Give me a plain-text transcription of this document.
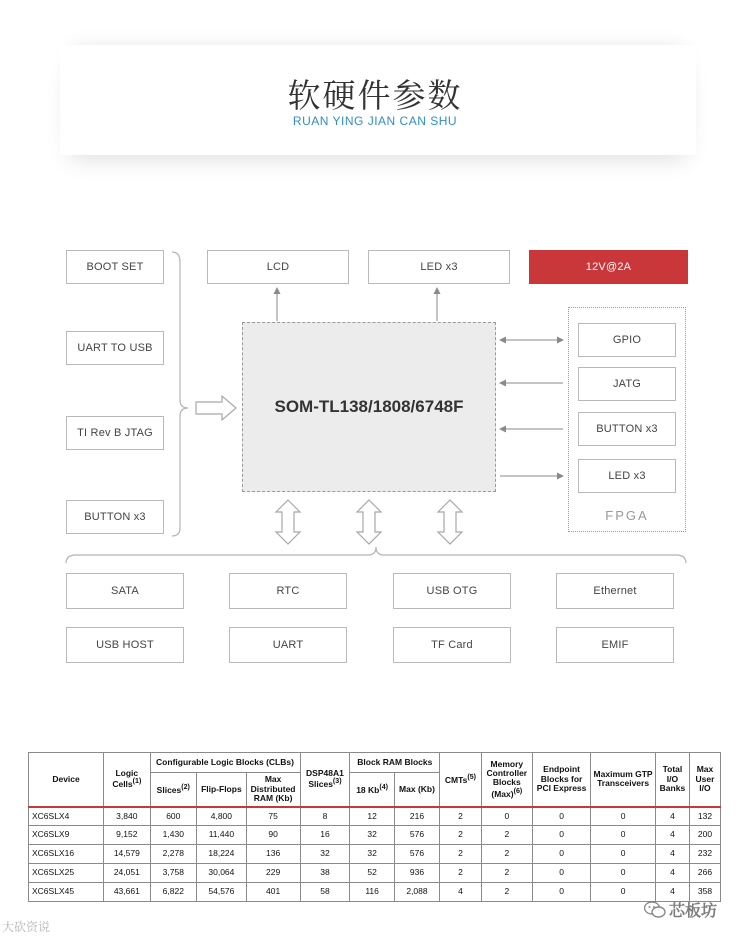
软硬件参数
RUAN YING JIAN CAN SHU
BOOT SET
UART TO USB
TI Rev B JTAG
BUTTON x3
LCD	LED x3	12V@2A
SOM-TL138/1808/6748F
GPIO
JATG
BUTTON x3
LED x3
FPGA
SATA	RTC	USB OTG	Ethernet
USB HOST	UART	TF Card	EMIF
Device	Logic Cells$^{(1)}$	Configurable Logic Blocks (CLBs)			DSP48A1 Slices$^{(3)}$	Block RAM Blocks		CMTs$^{(5)}$	Memory Controller Blocks (Max)$^{(6)}$	Endpoint Blocks for PCI Express	Maximum GTP Transceivers	Total I/O Banks	Max User I/O
		Slices$^{(2)}$	Flip-Flops	Max Distributed RAM (Kb)		18 Kb$^{(4)}$	Max (Kb)						
XC6SLX4	3,840	600	4,800	75	8	12	216	2	0	0	0	4	132
XC6SLX9	9,152	1,430	11,440	90	16	32	576	2	2	0	0	4	200
XC6SLX16	14,579	2,278	18,224	136	32	32	576	2	2	0	0	4	232
XC6SLX25	24,051	3,758	30,064	229	38	52	936	2	2	0	0	4	266
XC6SLX45	43,661	6,822	54,576	401	58	116	2,088	4	2	0	0	4	358
大砍资说
芯板坊
